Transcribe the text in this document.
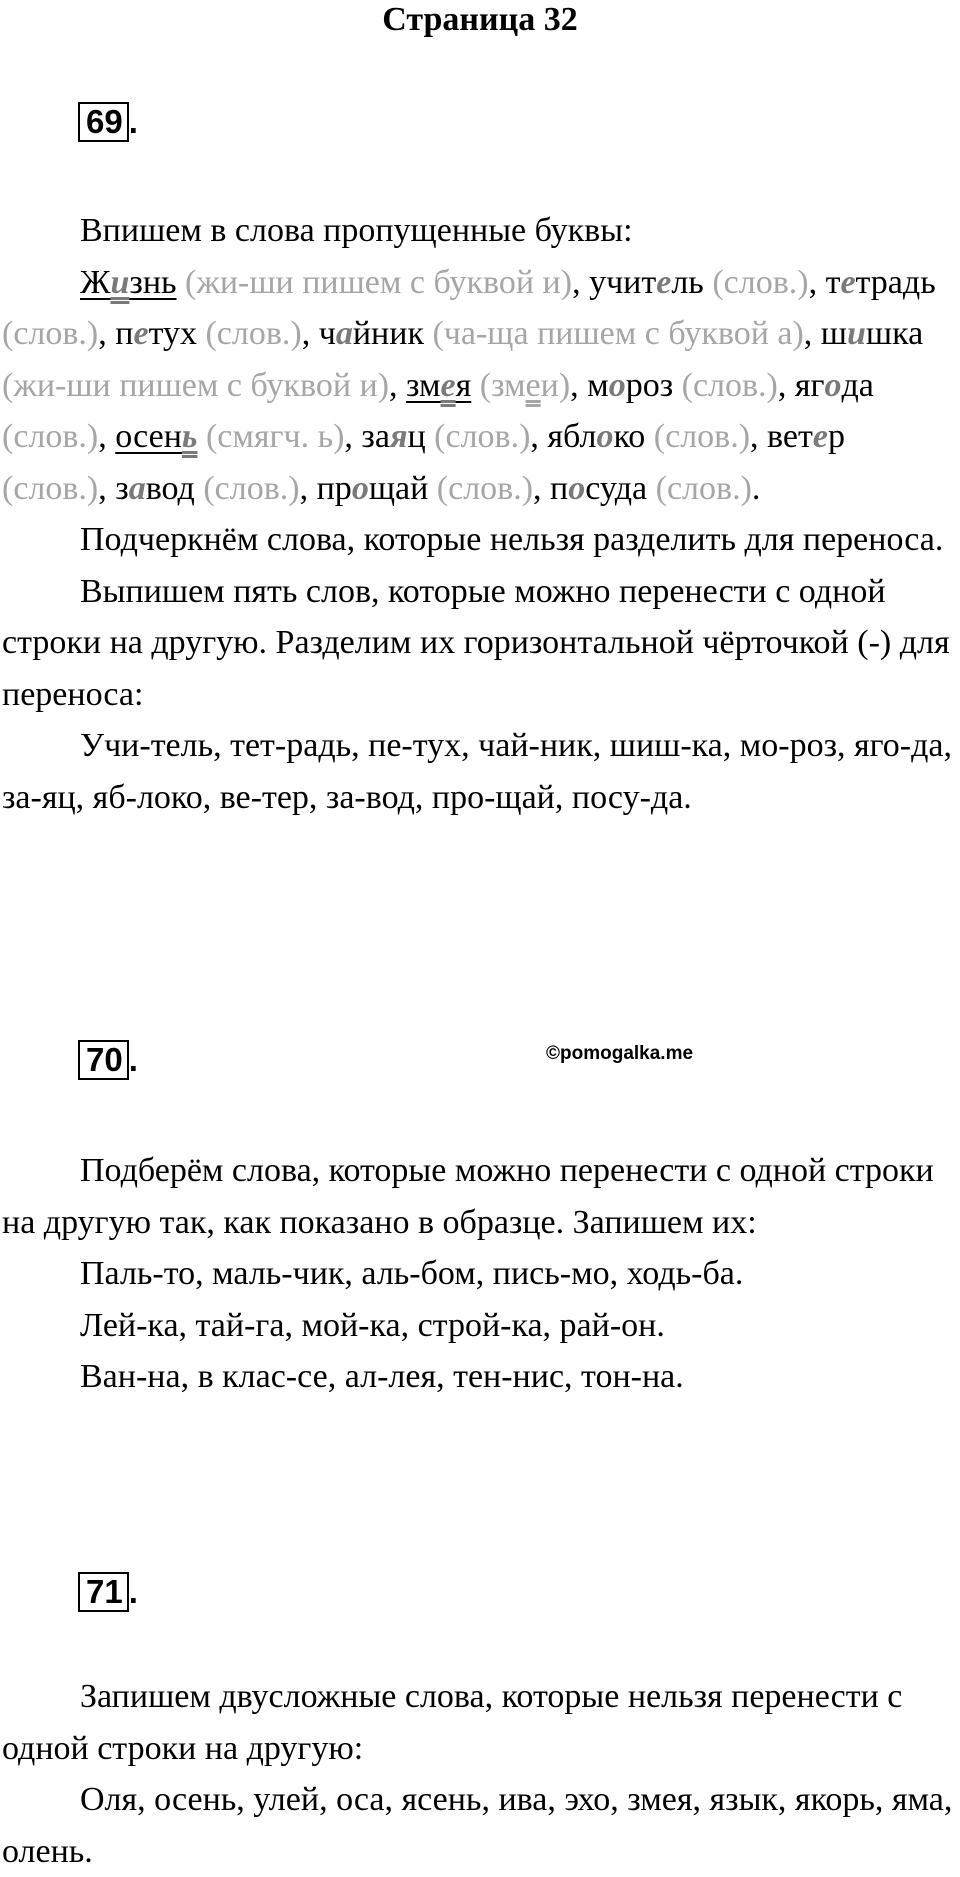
Страница 32
69 .

Впишем в слова пропущенные буквы:

Жизнь (жи-ши пишем с буквой и), учитель (слов.), тетрадь (слов.), петух (слов.), чайник (ча-ща пишем с буквой а), шишка (жи-ши пишем с буквой и), змея (змеи), мороз (слов.), ягода (слов.), осень (смягч. ь), заяц (слов.), яблоко (слов.), ветер (слов.), завод (слов.), прощай (слов.), посуда (слов.).

Подчеркнём слова, которые нельзя разделить для переноса.

Выпишем пять слов, которые можно перенести с одной строки на другую. Разделим их горизонтальной чёрточкой (-) для переноса:

Учи-тель, тет-радь, пе-тух, чай-ник, шиш-ка, мо-роз, яго-да, за-яц, яб-локо, ве-тер, за-вод, про-щай, посу-да.

70 .	©pomogalka.me

Подберём слова, которые можно перенести с одной строки на другую так, как показано в образце. Запишем их:

Паль-то, маль-чик, аль-бом, пись-мо, ходь-ба.

Лей-ка, тай-га, мой-ка, строй-ка, рай-он.

Ван-на, в клас-се, ал-лея, тен-нис, тон-на.

71 .

Запишем двусложные слова, которые нельзя перенести с одной строки на другую:

Оля, осень, улей, оса, ясень, ива, эхо, змея, язык, якорь, яма, олень.
